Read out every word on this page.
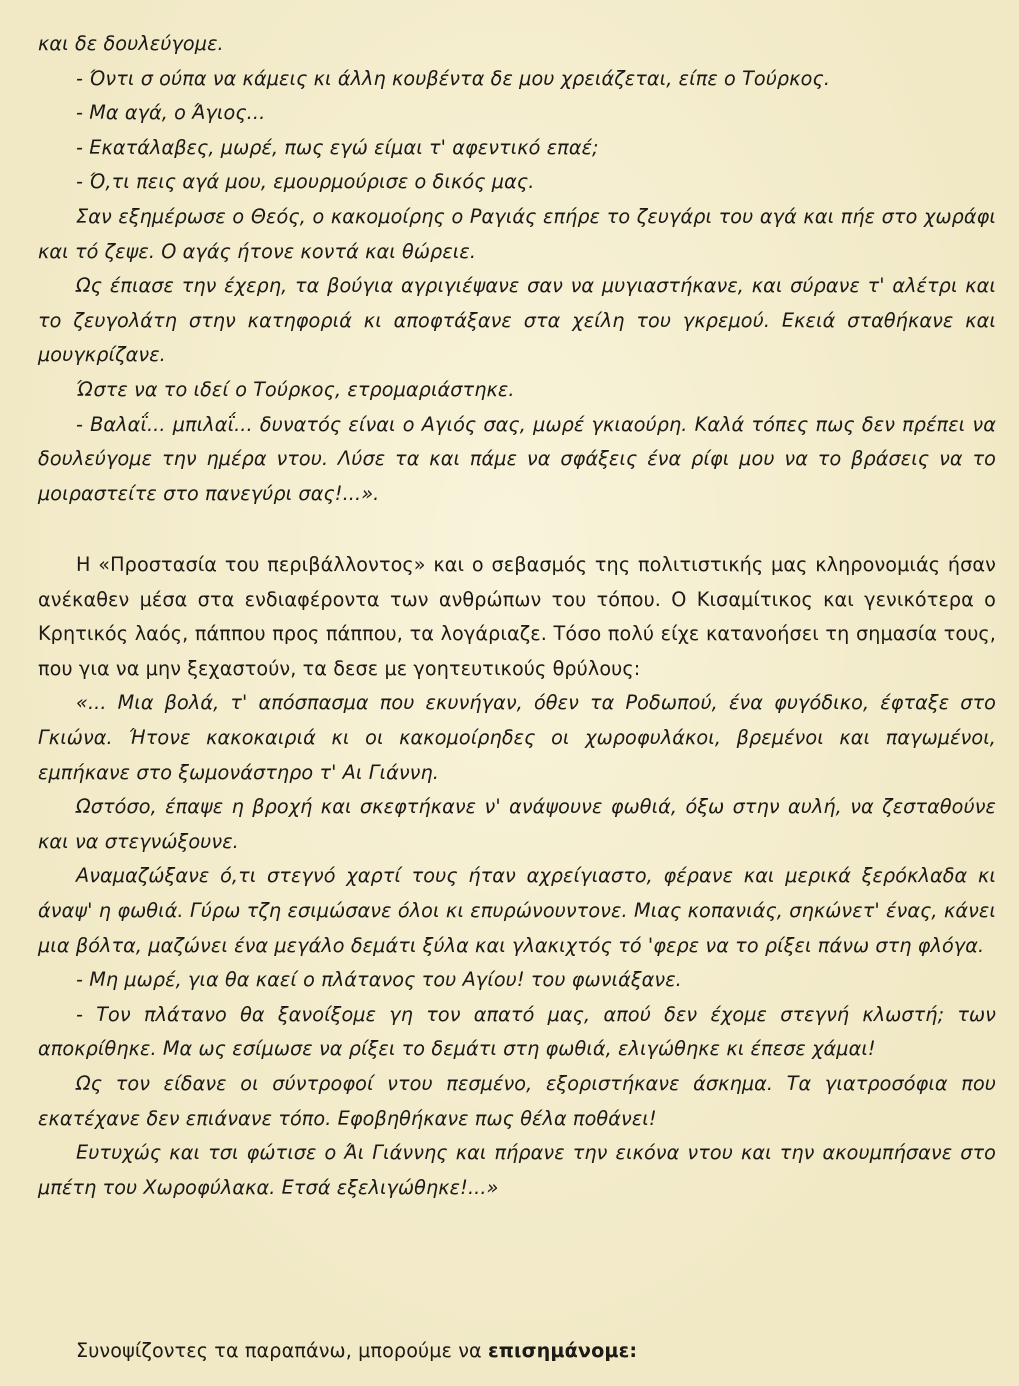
και δε δουλεύγομε.

- Όντι σ ούπα να κάμεις κι άλλη κουβέντα δε μου χρειάζεται, είπε ο Τούρκος.

- Μα αγά, ο Άγιος...

- Εκατάλαβες, μωρέ, πως εγώ είμαι τ' αφεντικό επαέ;

- Ό,τι πεις αγά μου, εμουρμούρισε ο δικός μας.

Σαν εξημέρωσε ο Θεός, ο κακομοίρης ο Ραγιάς επήρε το ζευγάρι του αγά και πήε στο χωράφι και τό ζεψε. Ο αγάς ήτονε κοντά και θώρειε.

Ως έπιασε την έχερη, τα βούγια αγριγιέψανε σαν να μυγιαστήκανε, και σύρανε τ' αλέτρι και το ζευγολάτη στην κατηφοριά κι αποφτάξανε στα χείλη του γκρεμού. Εκειά σταθήκανε και μουγκρίζανε.

Ώστε να το ιδεί ο Τούρκος, ετρομαριάστηκε.

- Βαλαΐ... μπιλαΐ... δυνατός είναι ο Αγιός σας, μωρέ γκιαούρη. Καλά τόπες πως δεν πρέπει να δουλεύγομε την ημέρα ντου. Λύσε τα και πάμε να σφάξεις ένα ρίφι μου να το βράσεις να το μοιραστείτε στο πανεγύρι σας!...».

Η «Προστασία του περιβάλλοντος» και ο σεβασμός της πολιτιστικής μας κληρονομιάς ήσαν ανέκαθεν μέσα στα ενδιαφέροντα των ανθρώπων του τόπου. Ο Κισαμίτικος και γενικότερα ο Κρητικός λαός, πάππου προς πάππου, τα λογάριαζε. Τόσο πολύ είχε κατανοήσει τη σημασία τους, που για να μην ξεχαστούν, τα δεσε με γοητευτικούς θρύλους:

«... Μια βολά, τ' απόσπασμα που εκυνήγαν, όθεν τα Ροδωπού, ένα φυγόδικο, έφταξε στο Γκιώνα. Ήτονε κακοκαιριά κι οι κακομοίρηδες οι χωροφυλάκοι, βρεμένοι και παγωμένοι, εμπήκανε στο ξωμονάστηρο τ' Αι Γιάννη.

Ωστόσο, έπαψε η βροχή και σκεφτήκανε ν' ανάψουνε φωθιά, όξω στην αυλή, να ζεσταθούνε και να στεγνώξουνε.

Αναμαζώξανε ό,τι στεγνό χαρτί τους ήταν αχρείγιαστο, φέρανε και μερικά ξερόκλαδα κι άναψ' η φωθιά. Γύρω τζη εσιμώσανε όλοι κι επυρώνουντονε. Μιας κοπανιάς, σηκώνετ' ένας, κάνει μια βόλτα, μαζώνει ένα μεγάλο δεμάτι ξύλα και γλακιχτός τό 'φερε να το ρίξει πάνω στη φλόγα.

- Μη μωρέ, για θα καεί ο πλάτανος του Αγίου! του φωνιάξανε.

- Τον πλάτανο θα ξανοίξομε γη τον απατό μας, απού δεν έχομε στεγνή κλωστή; των αποκρίθηκε. Μα ως εσίμωσε να ρίξει το δεμάτι στη φωθιά, ελιγώθηκε κι έπεσε χάμαι!

Ως τον είδανε οι σύντροφοί ντου πεσμένο, εξοριστήκανε άσκημα. Τα γιατροσόφια που εκατέχανε δεν επιάνανε τόπο. Εφοβηθήκανε πως θέλα ποθάνει!

Ευτυχώς και τσι φώτισε ο Άι Γιάννης και πήρανε την εικόνα ντου και την ακουμπήσανε στο μπέτη του Χωροφύλακα. Ετσά εξελιγώθηκε!...»

Συνοψίζοντες τα παραπάνω, μπορούμε να επισημάνομε:
